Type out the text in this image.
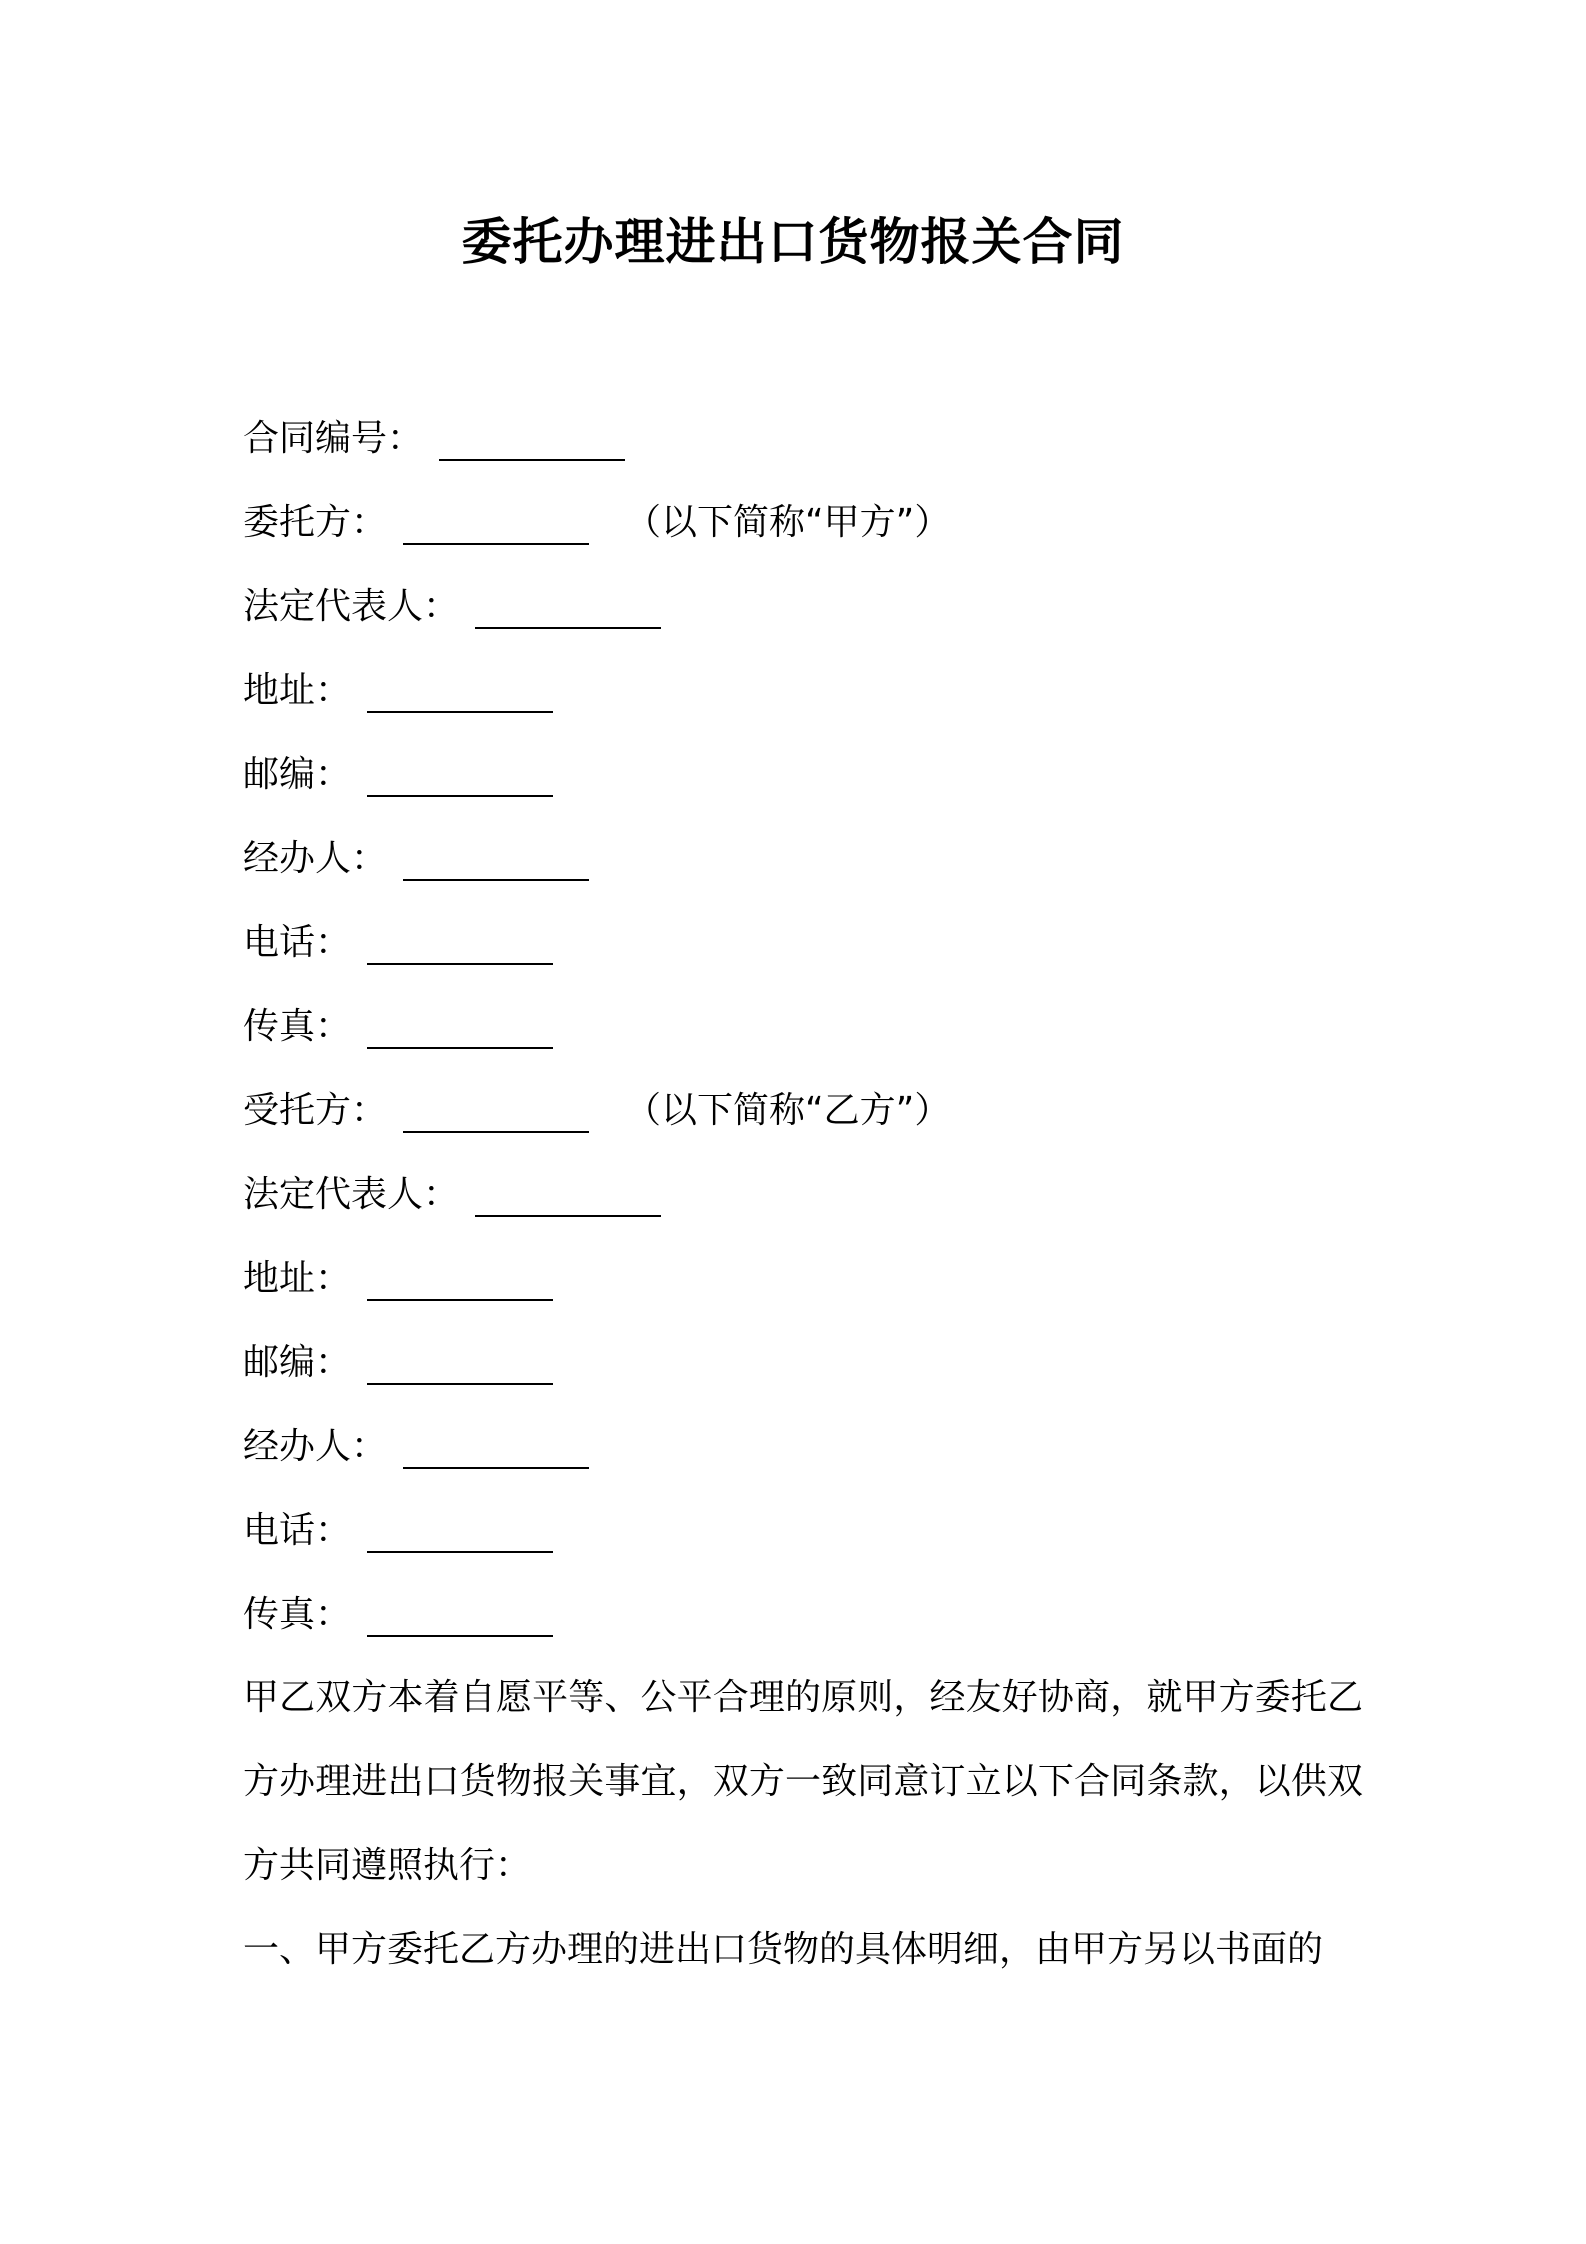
委托办理进出口货物报关合同
合同编号：
委托方：	（以下简称“甲方”）
法定代表人：
地址：
邮编：
经办人：
电话：
传真：
受托方：	（以下简称“乙方”）
法定代表人：
地址：
邮编：
经办人：
电话：
传真：

甲乙双方本着自愿平等、公平合理的原则，经友好协商，就甲方委托乙方办理进出口货物报关事宜，双方一致同意订立以下合同条款，以供双方共同遵照执行：

一、甲方委托乙方办理的进出口货物的具体明细，由甲方另以书面的
